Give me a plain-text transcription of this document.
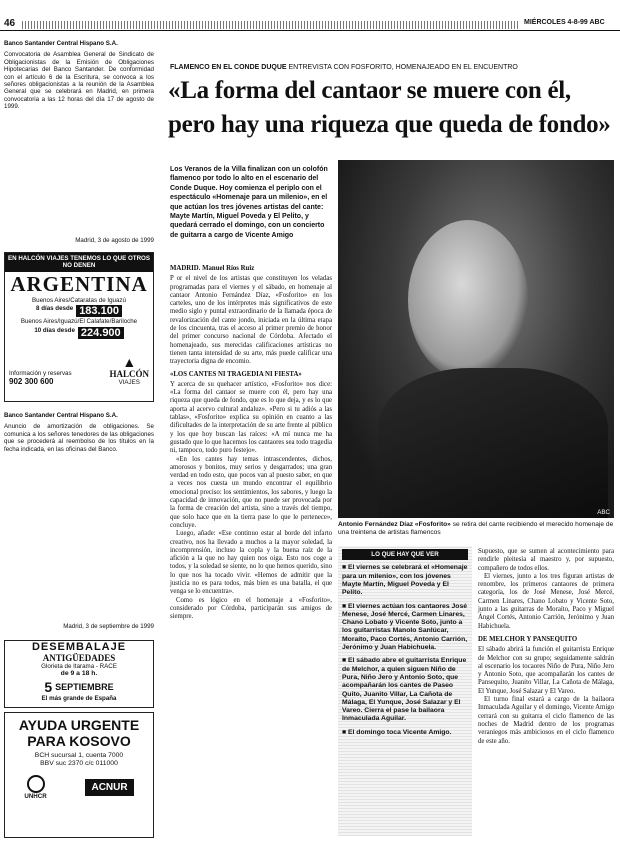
46	MIÉRCOLES 4-8-99 ABC
Banco Santander Central Hispano S.A.
Convocatoria de Asamblea General de Sindicato de Obligacionistas de la Emisión de Obligaciones Hipotecarias del Banco Santander. De conformidad con el artículo 6 de la Escritura, se convoca a los señores obligacionistas a la reunión de la Asamblea General que se celebrará en Madrid, en primera convocatoria a las 12 horas del día 17 de agosto de 1999.
Madrid, 3 de agosto de 1999
EN HALCÓN VIAJES TENEMOS LO QUE OTROS NO DENEN
ARGENTINA
Buenos Aires/Cataratas de Iguazú
8 días desde 183.100
Buenos Aires/Iguazú/El Calafate/Bariloche
10 días desde 224.900
Información y reservas
902 300 600
▲
HALCÓN
VIAJES
Banco Santander Central Hispano S.A.
Anuncio de amortización de obligaciones. Se comunica a los señores tenedores de las obligaciones que se procederá al reembolso de los títulos en la fecha indicada, en las oficinas del Banco.
Madrid, 3 de septiembre de 1999
DESEMBALAJE
ANTIGÜEDADES
Glorieta de Itarama - RACE
de 9 a 18 h.
5 SEPTIEMBRE
El más grande de España
AYUDA URGENTE
PARA KOSOVO
BCH sucursal 1, cuenta 7000
BBV suc 2370 c/c 011000
UNHCR
ACNUR
FLAMENCO EN EL CONDE DUQUE ENTREVISTA CON FOSFORITO, HOMENAJEADO EN EL ENCUENTRO
«La forma del cantaor se muere con él,
pero hay una riqueza que queda de fondo»
Los Veranos de la Villa finalizan con un colofón flamenco por todo lo alto en el escenario del Conde Duque. Hoy comienza el periplo con el espectáculo «Homenaje para un milenio», en el que actúan los tres jóvenes artistas del cante: Mayte Martín, Miguel Poveda y El Pelito, y quedará cerrado el domingo, con un concierto de guitarra a cargo de Vicente Amigo
ABC
Antonio Fernández Díaz «Fosforito» se retira del cante recibiendo el merecido homenaje de una treintena de artistas flamencos
MADRID. Manuel Ríos Ruiz

P or el nivel de los artistas que constituyen los veladas programadas para el viernes y el sábado, en homenaje al cantaor Antonio Fernández Díaz, «Fosforito» en los carteles, uno de los intérpretes más significativos de este medio siglo y puntal extraordinario de la llamada época de revalorización del cante jondo, iniciada en la última etapa de los cincuenta, tras el acceso al primer premio de honor del primer concurso nacional de Córdoba. Afectado el homenajeado, sus merecidas calificaciones artísticas no tienen tanta intensidad de su arte, más puede calificar una trayectoria digna de encomio.

«LOS CANTES NI TRAGEDIA NI FIESTA»

Y acerca de su quehacer artístico, «Fosforito» nos dice: «La forma del cantaor se muere con él, pero hay una riqueza que queda de fondo, que es lo que deja, y es lo que aporta al acervo cultural andaluz». «Pero si tu adiós a las tablas», «Fosforito» explica su opinión en cuanto a las dificultades de la interpretación de su arte frente al público y los que hoy buscan las raíces: «A mí nunca me ha gustado que lo que hacemos los cantaores sea todo tragedia ni, tampoco, todo puro festejo».

«En los cantes hay temas intrascendentes, dichos, amorosos y bonitos, muy serios y desgarrados; una gran verdad en todo esto, que pocos van al puesto saber, en que a veces nos cuesta un mundo encontrar el equilibrio emocional preciso: los sentimientos, los sabores, y luego la capacidad de innovación, que no puede ser provocada por la forma de creación del artista, sino a través del tiempo, que solo hace que en la tierra pase lo que le pertenece», concluye.

Luego, añade: «Ese continuo estar al borde del infarto creativo, nos ha llevado a muchos a la mayor soledad, la incomprensión, incluso la copla y la buena raíz de la afición a la que no hay quien nos oiga. Esto nos coge a todos, y la soledad se siente, no lo que hemos querido, sino lo que nos ha tocado vivir. «Hemos de admitir que la justicia no es para todos, más bien es una batalla, el que venga se lo encuentra».

Como es lógico en el homenaje a «Fosforito», considerado por Córdoba, participarán sus amigos de siempre.

LO QUE HAY QUE VER
■ El viernes se celebrará el «Homenaje para un milenio», con los jóvenes Mayte Martín, Miguel Poveda y El Pelito.
■ El viernes actúan los cantaores José Menese, José Mercé, Carmen Linares, Chano Lobato y Vicente Soto, junto a los guitarristas Manolo Sanlúcar, Moraíto, Paco Cortés, Antonio Carrión, Jerónimo y Juan Habichuela.
■ El sábado abre el guitarrista Enrique de Melchor, a quien siguen Niño de Pura, Niño Jero y Antonio Soto, que acompañarán los cantes de Paseo Quito, Juanito Villar, La Cañota de Málaga, El Yunque, José Salazar y El Vareo. Cierra el pase la bailaora Inmaculada Aguilar.
■ El domingo toca Vicente Amigo.

Supuesto, que se sumen al acontecimiento para rendirle pleitesía al maestro y, por supuesto, compañero de todos ellos.

El viernes, junto a los tres figuran artistas de renombre, los primeros cantaores de primera categoría, los de José Menese, José Mercé, Carmen Linares, Chano Lobato y Vicente Soto, junto a las guitarras de Moraíto, Paco y Miguel Ángel Cortés, Antonio Carrión, Jerónimo y Juan Habichuela.

DE MELCHOR Y PANSEQUITO

El sábado abrirá la función el guitarrista Enrique de Melchor con su grupo; seguidamente saldrán al escenario los tocaores Niño de Pura, Niño Jero y Antonio Soto, que acompañarán los cantes de Pansequito, Juanito Villar, La Cañota de Málaga, El Yunque, José Salazar y El Vareo.

El turno final estará a cargo de la bailaora Inmaculada Aguilar y el domingo, Vicente Amigo cerrará con su guitarra el ciclo flamenco de las noches de Madrid dentro de los programas veraniegos más ambiciosos en el ciclo flamenco de este año.
